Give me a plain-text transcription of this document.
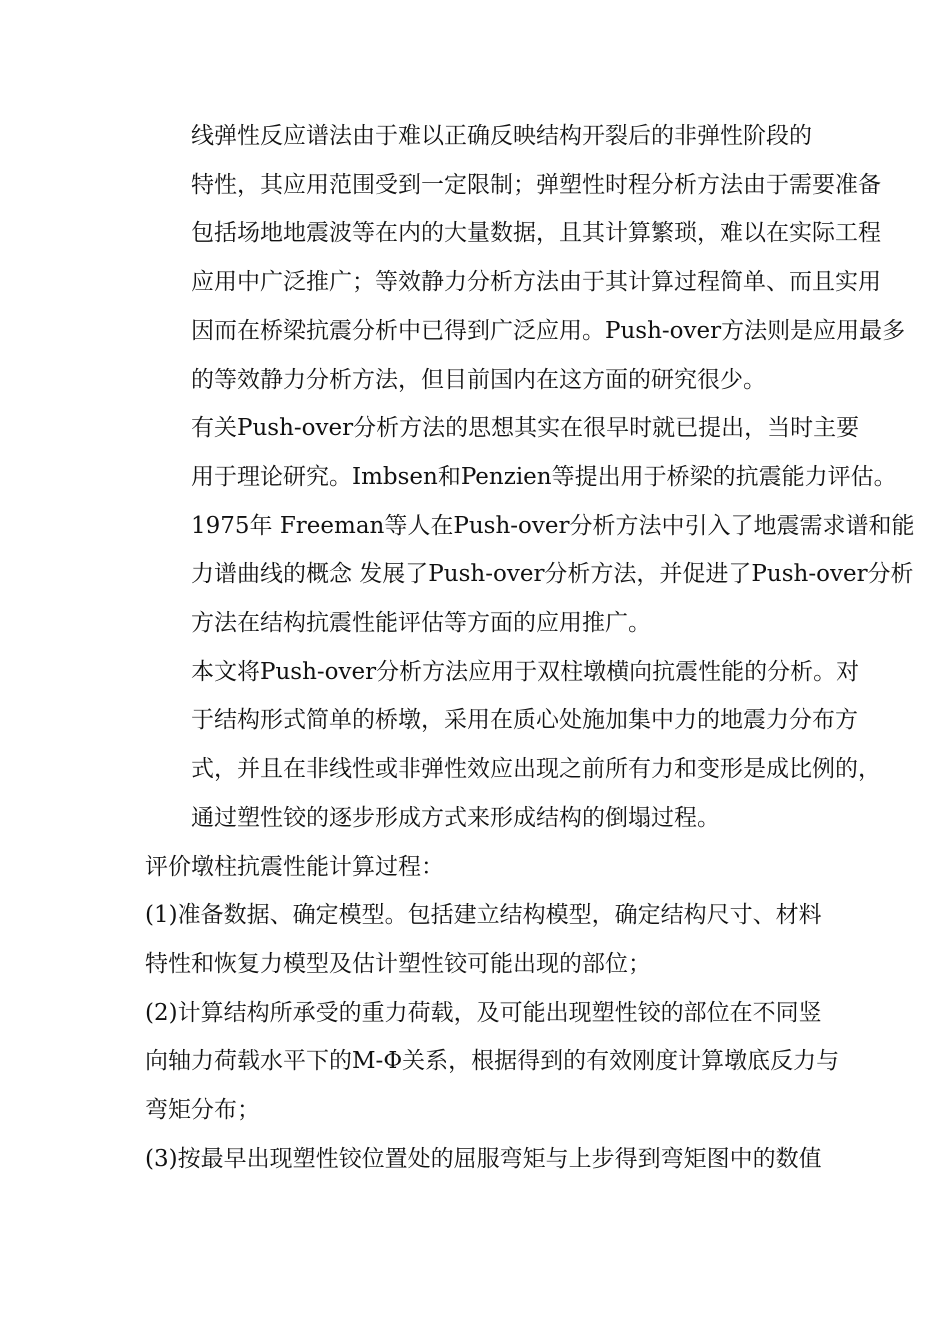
线弹性反应谱法由于难以正确反映结构开裂后的非弹性阶段的
特性，其应用范围受到一定限制；弹塑性时程分析方法由于需要准备
包括场地地震波等在内的大量数据，且其计算繁琐，难以在实际工程
应用中广泛推广；等效静力分析方法由于其计算过程简单、而且实用
因而在桥梁抗震分析中已得到广泛应用。Push-over方法则是应用最多
的等效静力分析方法，但目前国内在这方面的研究很少。

有关Push-over分析方法的思想其实在很早时就已提出，当时主要
用于理论研究。Imbsen和Penzien等提出用于桥梁的抗震能力评估。
1975年 Freeman等人在Push-over分析方法中引入了地震需求谱和能
力谱曲线的概念 发展了Push-over分析方法，并促进了Push-over分析
方法在结构抗震性能评估等方面的应用推广。

本文将Push-over分析方法应用于双柱墩横向抗震性能的分析。对
于结构形式简单的桥墩，采用在质心处施加集中力的地震力分布方
式，并且在非线性或非弹性效应出现之前所有力和变形是成比例的，
通过塑性铰的逐步形成方式来形成结构的倒塌过程。

评价墩柱抗震性能计算过程：

(1)准备数据、确定模型。包括建立结构模型，确定结构尺寸、材料
特性和恢复力模型及估计塑性铰可能出现的部位；

(2)计算结构所承受的重力荷载，及可能出现塑性铰的部位在不同竖
向轴力荷载水平下的M-Φ关系，根据得到的有效刚度计算墩底反力与
弯矩分布；

(3)按最早出现塑性铰位置处的屈服弯矩与上步得到弯矩图中的数值
